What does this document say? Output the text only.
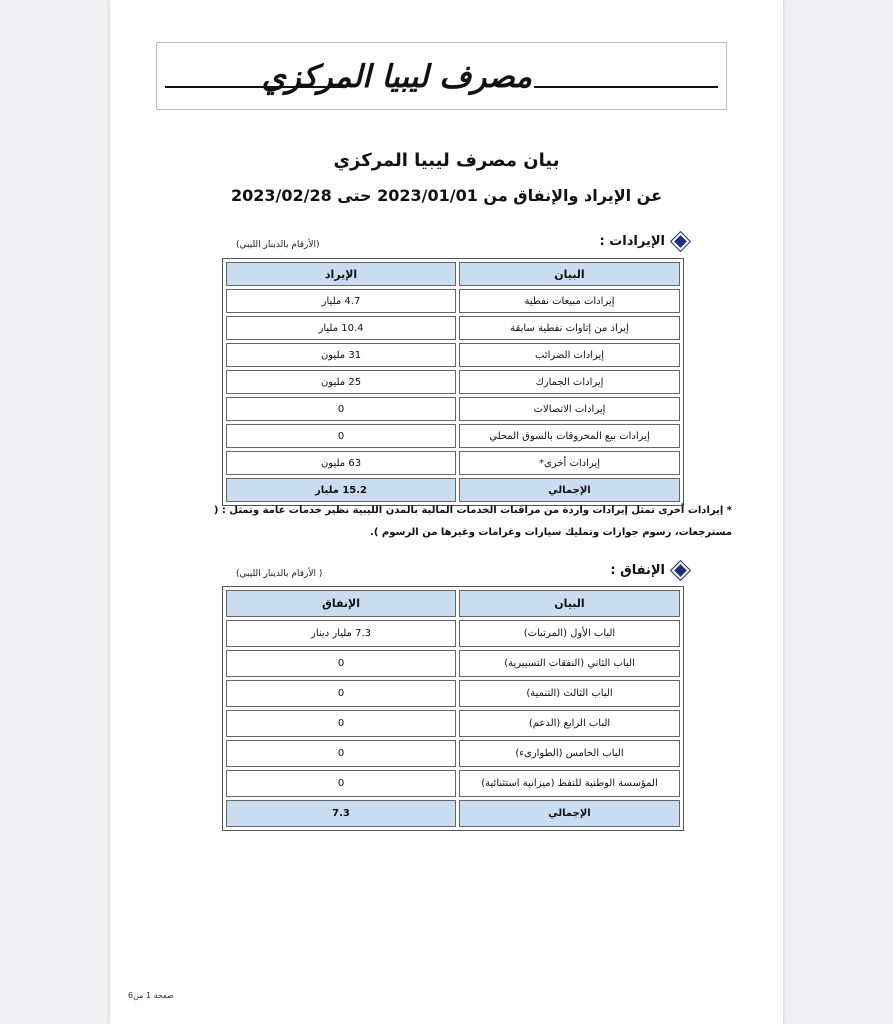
مصرف ليبيا المركزي
بيان مصرف ليبيا المركزي
عن الإيراد والإنفاق من 2023/01/01 حتى 2023/02/28
الإيرادات :
(الأرقام بالدينار الليبي)
البيان	الإيراد
إيرادات مبيعات نفطية	4.7 مليار
إيراد من إتاوات نفطية سابقة	10.4 مليار
إيرادات الضرائب	31 مليون
إيرادات الجمارك	25 مليون
إيرادات الاتصالات	0
إيرادات بيع المحروقات بالسوق المحلي	0
إيرادات أخرى*	63 مليون
الإجمالي	15.2 مليار
* إيرادات أخرى تمثل إيرادات واردة من مراقبات الخدمات المالية بالمدن الليبية نظير خدمات عامة وتمثل : ( مسترجعات، رسوم جوازات وتمليك سيارات وغرامات وغيرها من الرسوم ).
الإنفاق :
( الأرقام بالدينار الليبي)
البيان	الإنفاق
الباب الأول (المرتبات)	7.3 مليار دينار
الباب الثاني (النفقات التسييرية)	0
الباب الثالث (التنمية)	0
الباب الرابع (الدعم)	0
الباب الخامس (الطوارىء)	0
المؤسسة الوطنية للنفط (ميزانية استثنائية)	0
الإجمالي	7.3
صفحة 1 من6
